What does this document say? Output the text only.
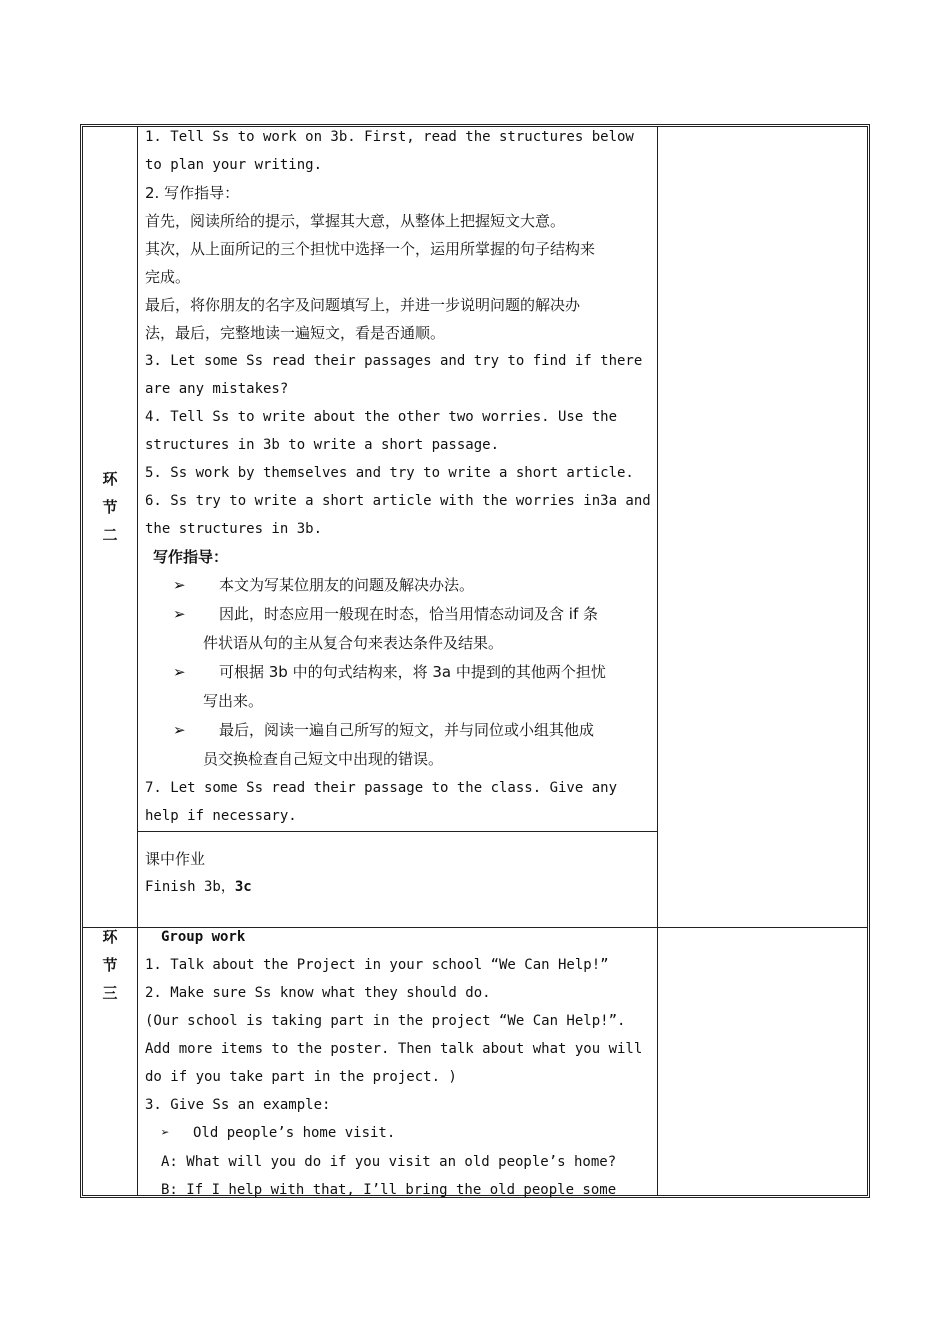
环
节
二
1. Tell Ss to work on 3b. First, read the structures below
to plan your writing.
2. 写作指导：
首先，阅读所给的提示，掌握其大意，从整体上把握短文大意。
其次，从上面所记的三个担忧中选择一个，运用所掌握的句子结构来
完成。
最后，将你朋友的名字及问题填写上，并进一步说明问题的解决办
法，最后，完整地读一遍短文，看是否通顺。
3. Let some Ss read their passages and try to find if there
are any mistakes?
4. Tell Ss to write about the other two worries. Use the
structures in 3b to write a short passage.
5. Ss work by themselves and try to write a short article.
6. Ss try to write a short article with the worries in3a and
the structures in 3b.
写作指导：
➢ 本文为写某位朋友的问题及解决办法。
➢ 因此，时态应用一般现在时态，恰当用情态动词及含 if 条
件状语从句的主从复合句来表达条件及结果。
➢ 可根据 3b 中的句式结构来，将 3a 中提到的其他两个担忧
写出来。
➢ 最后，阅读一遍自己所写的短文，并与同位或小组其他成
员交换检查自己短文中出现的错误。
7. Let some Ss read their passage to the class. Give any
help if necessary.
课中作业
Finish 3b，3c
环
节
三
Group work
1. Talk about the Project in your school “We Can Help!”
2. Make sure Ss know what they should do.
(Our school is taking part in the project “We Can Help!”.
Add more items to the poster. Then talk about what you will
do if you take part in the project. )
3. Give Ss an example:
➢ Old people’s home visit.
A: What will you do if you visit an old people’s home?
B: If I help with that, I’ll bring the old people some
